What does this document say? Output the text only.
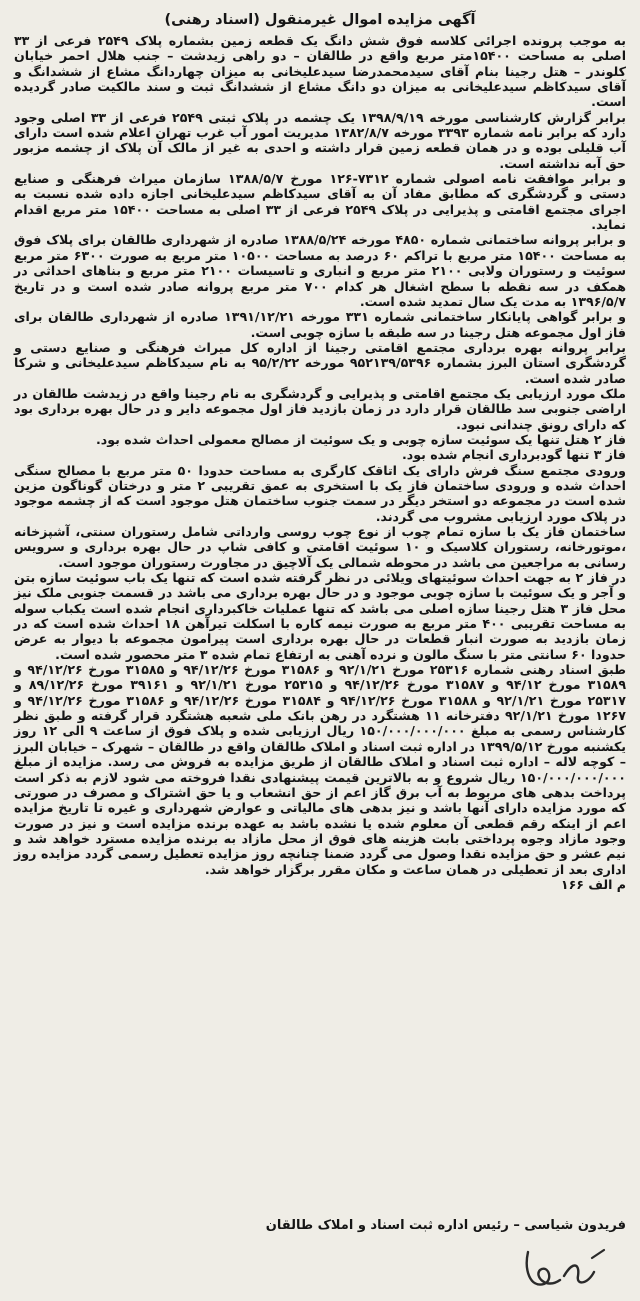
آگهی مزایده اموال غیرمنقول (اسناد رهنی)

به موجب پرونده اجرائی کلاسه فوق شش دانگ یک قطعه زمین بشماره پلاک ۲۵۴۹ فرعی از ۳۳ اصلی به مساحت ۱۵۴۰۰متر مربع واقع در طالقان – دو راهی زیدشت – جنب هلال احمر خیابان کلوندر – هتل رجینا بنام آقای سیدمحمدرضا سیدعلیخانی به میزان چهاردانگ مشاع از ششدانگ و آقای سیدکاظم سیدعلیخانی به میزان دو دانگ مشاع از ششدانگ ثبت و سند مالکیت صادر گردیده است.

برابر گزارش کارشناسی مورخه ۱۳۹۸/۹/۱۹ یک چشمه در پلاک ثبتی ۲۵۴۹ فرعی از ۳۳ اصلی وجود دارد که برابر نامه شماره ۳۳۹۳ مورخه ۱۳۸۲/۸/۷ مدیریت امور آب غرب تهران اعلام شده است دارای آب قلیلی بوده و در همان قطعه زمین قرار داشته و احدی به غیر از مالک آن پلاک از چشمه مزبور حق آبه نداشته است.

و برابر موافقت نامه اصولی شماره ۷۳۱۲-۱۲۶ مورخ ۱۳۸۸/۵/۷ سازمان میراث فرهنگی و صنایع دستی و گردشگری که مطابق مفاد آن به آقای سیدکاظم سیدعلیخانی اجازه داده شده نسبت به اجرای مجتمع اقامتی و پذیرایی در پلاک ۲۵۴۹ فرعی از ۳۳ اصلی به مساحت ۱۵۴۰۰ متر مربع اقدام نماید.

و برابر پروانه ساختمانی شماره ۴۸۵۰ مورخه ۱۳۸۸/۵/۲۴ صادره از شهرداری طالقان برای پلاک فوق به مساحت ۱۵۴۰۰ متر مربع با تراکم ۶۰ درصد به مساحت ۱۰۵۰۰ متر مربع به صورت ۶۳۰۰ متر مربع سوئیت و رستوران ولابی ۲۱۰۰ متر مربع و انباری و تاسیسات ۲۱۰۰ متر مربع و بناهای احداثی در همکف در سه نقطه با سطح اشغال هر کدام ۷۰۰ متر مربع پروانه صادر شده است و در تاریخ ۱۳۹۶/۵/۷ به مدت یک سال تمدید شده است.

و برابر گواهی پایانکار ساختمانی شماره ۳۳۱ مورخه ۱۳۹۱/۱۲/۲۱ صادره از شهرداری طالقان برای فاز اول مجموعه هتل رجینا در سه طبقه با سازه چوبی است.

برابر پروانه بهره برداری مجتمع اقامتی رجینا از اداره کل میراث فرهنگی و صنایع دستی و گردشگری استان البرز بشماره ۹۵۲۱۳۹/۵۳۹۶ مورخه ۹۵/۲/۲۲ به نام سیدکاظم سیدعلیخانی و شرکا صادر شده است.

ملک مورد ارزیابی یک مجتمع اقامتی و پذیرایی و گردشگری به نام رجینا واقع در زیدشت طالقان در اراضی جنوبی سد طالقان قرار دارد در زمان بازدید فاز اول مجموعه دایر و در حال بهره برداری بود که دارای رونق چندانی نبود.

فاز ۲ هتل تنها یک سوئیت سازه چوبی و یک سوئیت از مصالح معمولی احداث شده بود.

فاز ۳ تنها گودبرداری انجام شده بود.

ورودی مجتمع سنگ فرش دارای یک اتاقک کارگری به مساحت حدودا ۵۰ متر مربع با مصالح سنگی احداث شده و ورودی ساختمان فاز یک با استخری به عمق تقریبی ۲ متر و درختان گوناگون مزین شده است در مجموعه دو استخر دیگر در سمت جنوب ساختمان هتل موجود است که از چشمه موجود در پلاک مورد ارزیابی مشروب می گردند.

ساختمان فاز یک با سازه تمام چوب از نوع چوب روسی وارداتی شامل رستوران سنتی، آشپزخانه ،موتورخانه، رستوران کلاسیک و ۱۰ سوئیت اقامتی و کافی شاپ در حال بهره برداری و سرویس رسانی به مراجعین می باشد در محوطه شمالی یک آلاچیق در مجاورت رستوران موجود است.

در فاز ۲ به جهت احداث سوئیتهای ویلائی در نظر گرفته شده است که تنها یک باب سوئیت سازه بتن و آجر و یک سوئیت با سازه چوبی موجود و در حال بهره برداری می باشد در قسمت جنوبی ملک نیز محل فاز ۳ هتل رجینا سازه اصلی می باشد که تنها عملیات خاکبرداری انجام شده است یکباب سوله به مساحت تقریبی ۴۰۰ متر مربع به صورت نیمه کاره با اسکلت تیرآهن ۱۸ احداث شده است که در زمان بازدید به صورت انبار قطعات در حال بهره برداری است پیرامون مجموعه با دیوار به عرض حدودا ۶۰ سانتی متر با سنگ مالون و نرده آهنی به ارتفاع تمام شده ۳ متر محصور شده است.

طبق اسناد رهنی شماره ۲۵۳۱۶ مورخ ۹۲/۱/۲۱ و ۳۱۵۸۶ مورخ ۹۴/۱۲/۲۶ و ۳۱۵۸۵ مورخ ۹۴/۱۲/۲۶ و ۳۱۵۸۹ مورخ ۹۴/۱۲ و ۳۱۵۸۷ مورخ ۹۴/۱۲/۲۶ و ۲۵۳۱۵ مورخ ۹۲/۱/۲۱ و ۳۹۱۶۱ مورخ ۸۹/۱۲/۲۶ و ۲۵۳۱۷ مورخ ۹۲/۱/۲۱ و ۳۱۵۸۸ مورخ ۹۴/۱۲/۲۶ و ۳۱۵۸۴ مورخ ۹۴/۱۲/۲۶ و ۳۱۵۸۶ مورخ ۹۴/۱۲/۲۶ و ۱۲۶۷ مورخ ۹۲/۱/۲۱ دفترخانه ۱۱ هشتگرد در رهن بانک ملی شعبه هشتگرد قرار گرفته و طبق نظر کارشناس رسمی به مبلغ ۱۵۰/۰۰۰/۰۰۰/۰۰۰ ریال ارزیابی شده و پلاک فوق از ساعت ۹ الی ۱۲ روز یکشنبه مورخ ۱۳۹۹/۵/۱۲ در اداره ثبت اسناد و املاک طالقان واقع در طالقان – شهرک – خیابان البرز – کوچه لاله – اداره ثبت اسناد و املاک طالقان از طریق مزایده به فروش می رسد. مزایده از مبلغ ۱۵۰/۰۰۰/۰۰۰/۰۰۰ ریال شروع و به بالاترین قیمت پیشنهادی نقدا فروخته می شود لازم به ذکر است پرداخت بدهی های مربوط به آب برق گاز اعم از حق انشعاب و یا حق اشتراک و مصرف در صورتی که مورد مزایده دارای آنها باشد و نیز بدهی های مالیاتی و عوارض شهرداری و غیره تا تاریخ مزایده اعم از اینکه رقم قطعی آن معلوم شده یا نشده باشد به عهده برنده مزایده است و نیز در صورت وجود مازاد وجوه پرداختی بابت هزینه های فوق از محل مازاد به برنده مزایده مسترد خواهد شد و نیم عشر و حق مزایده نقدا وصول می گردد ضمنا چنانچه روز مزایده تعطیل رسمی گردد مزایده روز اداری بعد از تعطیلی در همان ساعت و مکان مقرر برگزار خواهد شد.

م الف ۱۶۶

فریدون شیاسی – رئیس اداره ثبت اسناد و املاک طالقان
